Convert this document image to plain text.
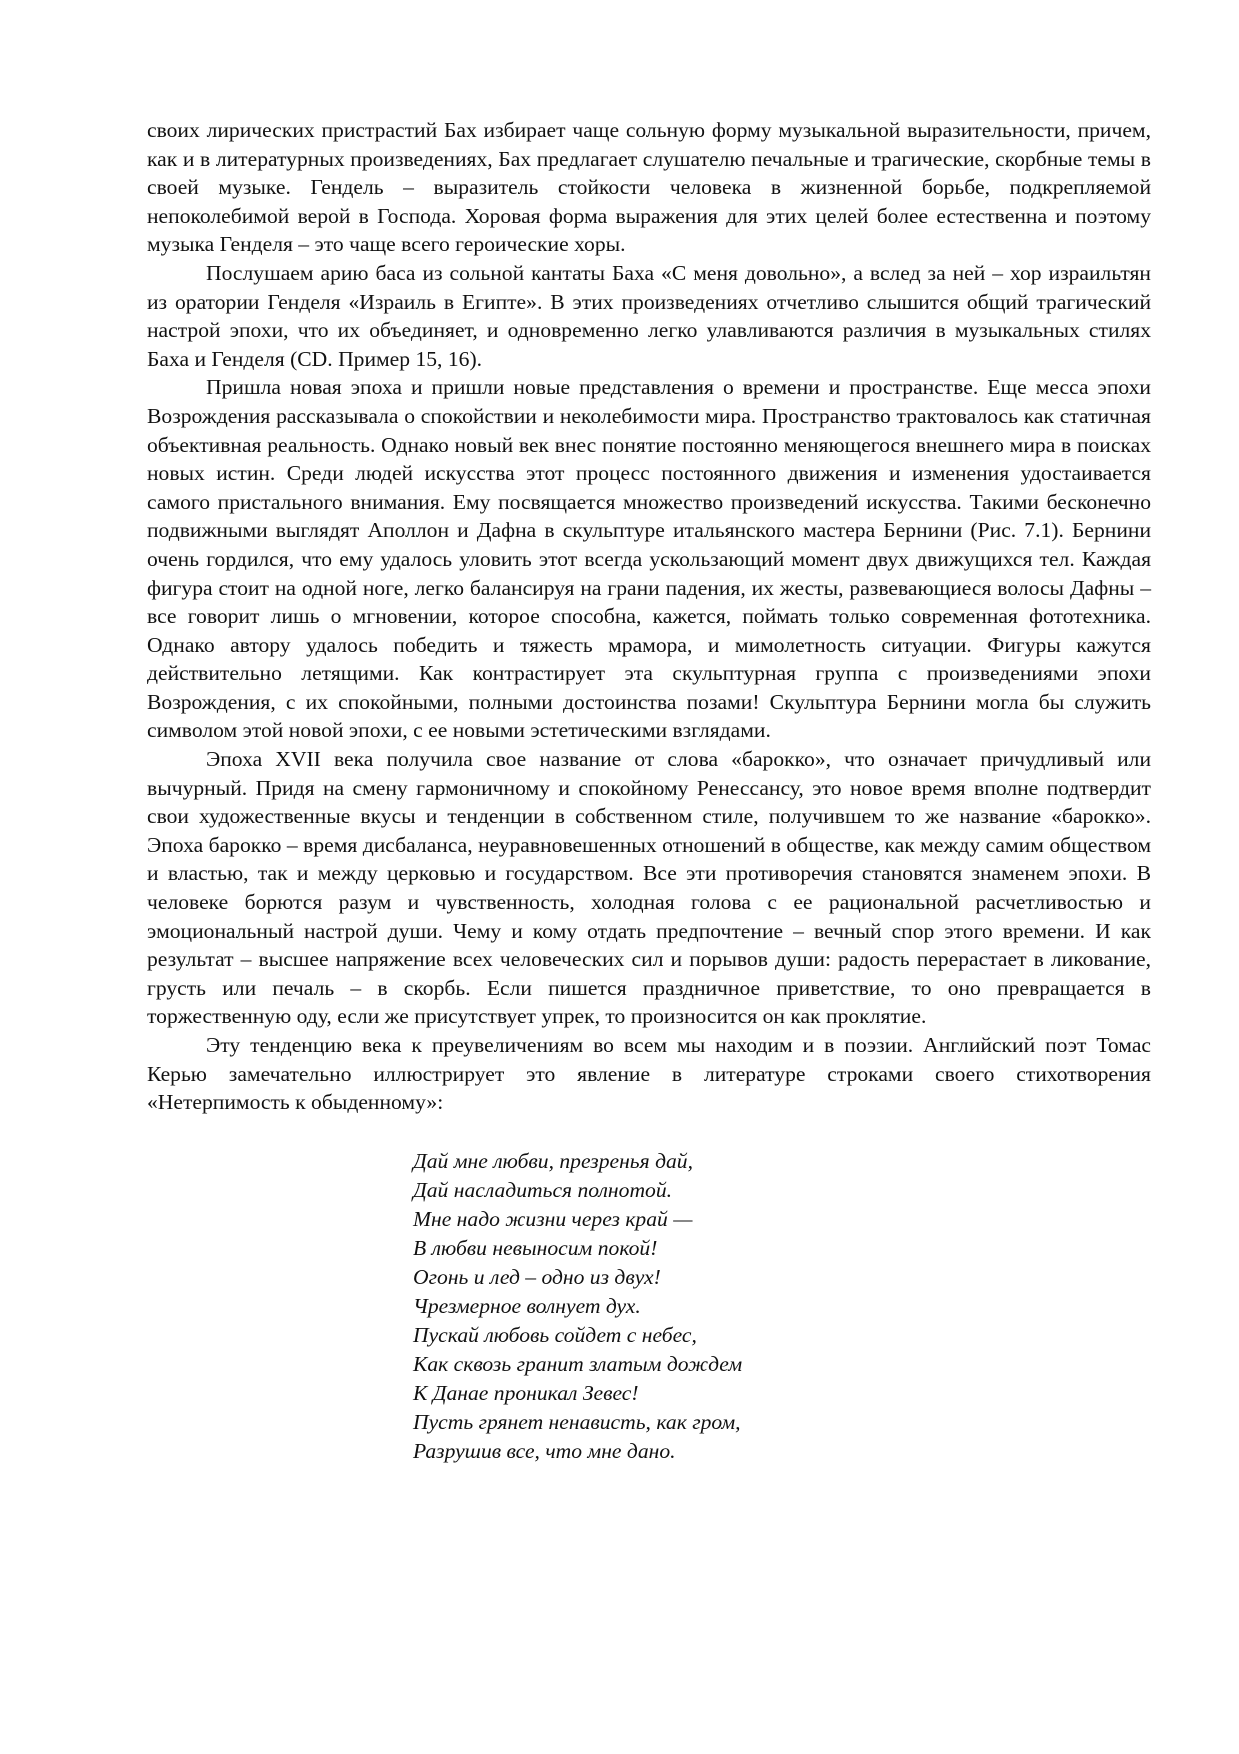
своих лирических пристрастий Бах избирает чаще сольную форму музыкальной выразительности, причем, как и в литературных произведениях, Бах предлагает слушателю печальные и трагические, скорбные темы в своей музыке. Гендель – выразитель стойкости человека в жизненной борьбе, подкрепляемой непоколебимой верой в Господа. Хоровая форма выражения для этих целей более естественна и поэтому музыка Генделя – это чаще всего героические хоры.

Послушаем арию баса из сольной кантаты Баха «С меня довольно», а вслед за ней – хор израильтян из оратории Генделя «Израиль в Египте». В этих произведениях отчетливо слышится общий трагический настрой эпохи, что их объединяет, и одновременно легко улавливаются различия в музыкальных стилях Баха и Генделя (CD. Пример 15, 16).

Пришла новая эпоха и пришли новые представления о времени и пространстве. Еще месса эпохи Возрождения рассказывала о спокойствии и неколебимости мира. Пространство трактовалось как статичная объективная реальность. Однако новый век внес понятие постоянно меняющегося внешнего мира в поисках новых истин. Среди людей искусства этот процесс постоянного движения и изменения удостаивается самого пристального внимания. Ему посвящается множество произведений искусства. Такими бесконечно подвижными выглядят Аполлон и Дафна в скульптуре итальянского мастера Бернини (Рис. 7.1). Бернини очень гордился, что ему удалось уловить этот всегда ускользающий момент двух движущихся тел. Каждая фигура стоит на одной ноге, легко балансируя на грани падения, их жесты, развевающиеся волосы Дафны – все говорит лишь о мгновении, которое способна, кажется, поймать только современная фототехника. Однако автору удалось победить и тяжесть мрамора, и мимолетность ситуации. Фигуры кажутся действительно летящими. Как контрастирует эта скульптурная группа с произведениями эпохи Возрождения, с их спокойными, полными достоинства позами! Скульптура Бернини могла бы служить символом этой новой эпохи, с ее новыми эстетическими взглядами.

Эпоха XVII века получила свое название от слова «барокко», что означает причудливый или вычурный. Придя на смену гармоничному и спокойному Ренессансу, это новое время вполне подтвердит свои художественные вкусы и тенденции в собственном стиле, получившем то же название «барокко». Эпоха барокко – время дисбаланса, неуравновешенных отношений в обществе, как между самим обществом и властью, так и между церковью и государством. Все эти противоречия становятся знаменем эпохи. В человеке борются разум и чувственность, холодная голова с ее рациональной расчетливостью и эмоциональный настрой души. Чему и кому отдать предпочтение – вечный спор этого времени. И как результат – высшее напряжение всех человеческих сил и порывов души: радость перерастает в ликование, грусть или печаль – в скорбь. Если пишется праздничное приветствие, то оно превращается в торжественную оду, если же присутствует упрек, то произносится он как проклятие.

Эту тенденцию века к преувеличениям во всем мы находим и в поэзии. Английский поэт Томас Керью замечательно иллюстрирует это явление в литературе строками своего стихотворения «Нетерпимость к обыденному»:

Дай мне любви, презренья дай,
Дай насладиться полнотой.
Мне надо жизни через край —
В любви невыносим покой!
Огонь и лед – одно из двух!
Чрезмерное волнует дух.
Пускай любовь сойдет с небес,
Как сквозь гранит златым дождем
К Данае проникал Зевес!
Пусть грянет ненависть, как гром,
Разрушив все, что мне дано.
